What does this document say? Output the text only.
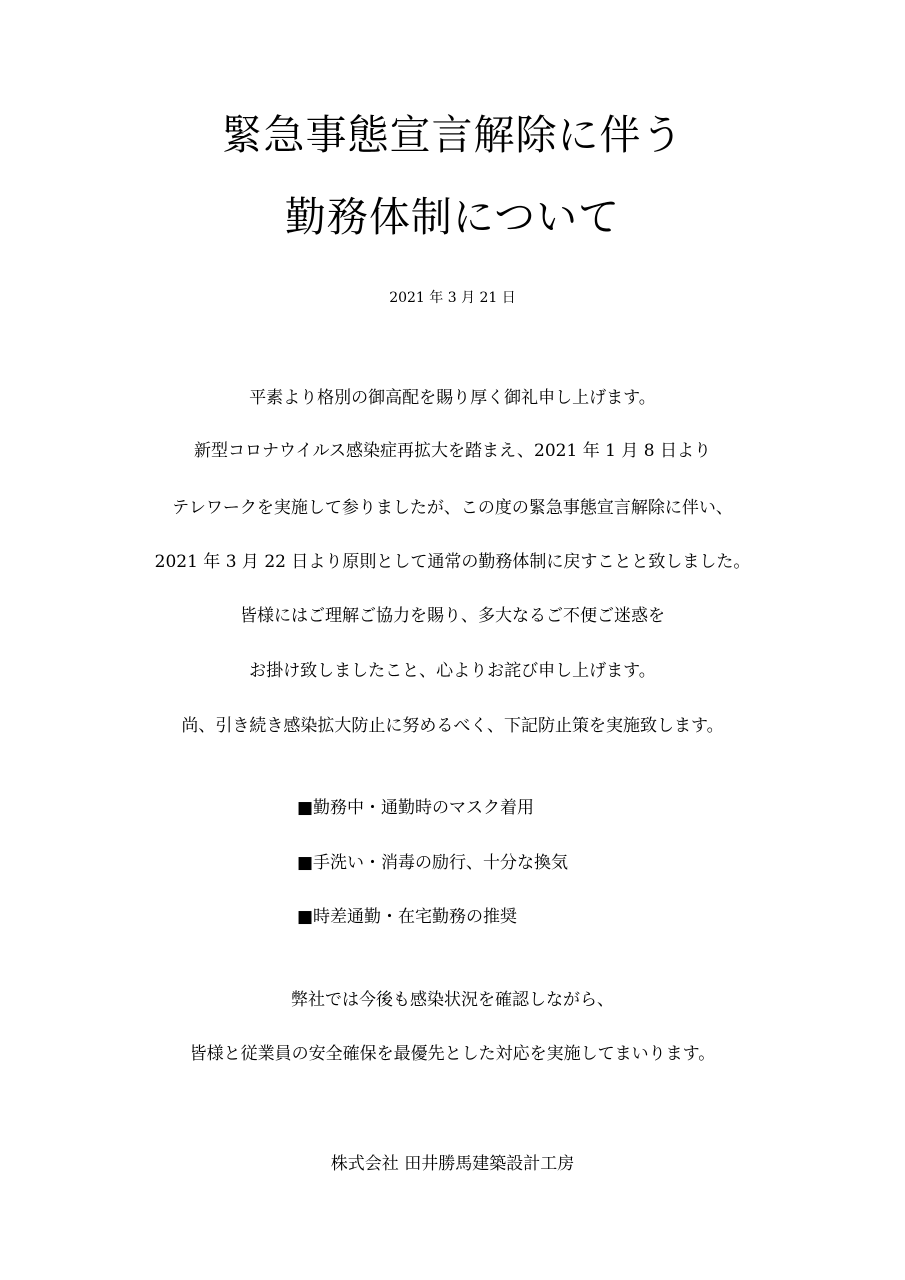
緊急事態宣言解除に伴う
勤務体制について
2021 年 3 月 21 日
平素より格別の御高配を賜り厚く御礼申し上げます。
新型コロナウイルス感染症再拡大を踏まえ、2021 年 1 月 8 日より
テレワークを実施して参りましたが、この度の緊急事態宣言解除に伴い、
2021 年 3 月 22 日より原則として通常の勤務体制に戻すことと致しました。
皆様にはご理解ご協力を賜り、多大なるご不便ご迷惑を
お掛け致しましたこと、心よりお詫び申し上げます。
尚、引き続き感染拡大防止に努めるべく、下記防止策を実施致します。
■勤務中・通勤時のマスク着用
■手洗い・消毒の励行、十分な換気
■時差通勤・在宅勤務の推奨
弊社では今後も感染状況を確認しながら、
皆様と従業員の安全確保を最優先とした対応を実施してまいります。
株式会社 田井勝馬建築設計工房
